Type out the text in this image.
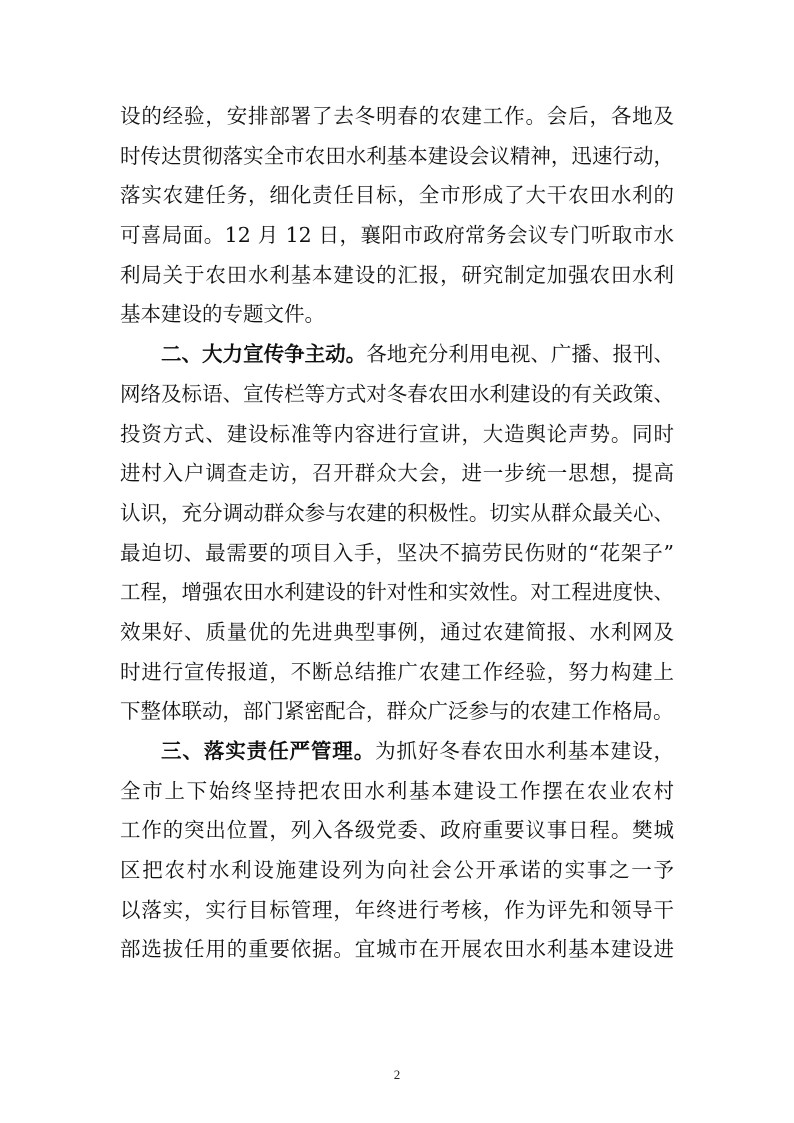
设的经验，安排部署了去冬明春的农建工作。会后，各地及
时传达贯彻落实全市农田水利基本建设会议精神，迅速行动，
落实农建任务，细化责任目标，全市形成了大干农田水利的
可喜局面。12 月 12 日，襄阳市政府常务会议专门听取市水
利局关于农田水利基本建设的汇报，研究制定加强农田水利
基本建设的专题文件。
二、大力宣传争主动。各地充分利用电视、广播、报刊、
网络及标语、宣传栏等方式对冬春农田水利建设的有关政策、
投资方式、建设标准等内容进行宣讲，大造舆论声势。同时
进村入户调查走访，召开群众大会，进一步统一思想，提高
认识，充分调动群众参与农建的积极性。切实从群众最关心、
最迫切、最需要的项目入手，坚决不搞劳民伤财的“花架子”
工程，增强农田水利建设的针对性和实效性。对工程进度快、
效果好、质量优的先进典型事例，通过农建简报、水利网及
时进行宣传报道，不断总结推广农建工作经验，努力构建上
下整体联动，部门紧密配合，群众广泛参与的农建工作格局。
三、落实责任严管理。为抓好冬春农田水利基本建设，
全市上下始终坚持把农田水利基本建设工作摆在农业农村
工作的突出位置，列入各级党委、政府重要议事日程。樊城
区把农村水利设施建设列为向社会公开承诺的实事之一予
以落实，实行目标管理，年终进行考核，作为评先和领导干
部选拔任用的重要依据。宜城市在开展农田水利基本建设进
2
